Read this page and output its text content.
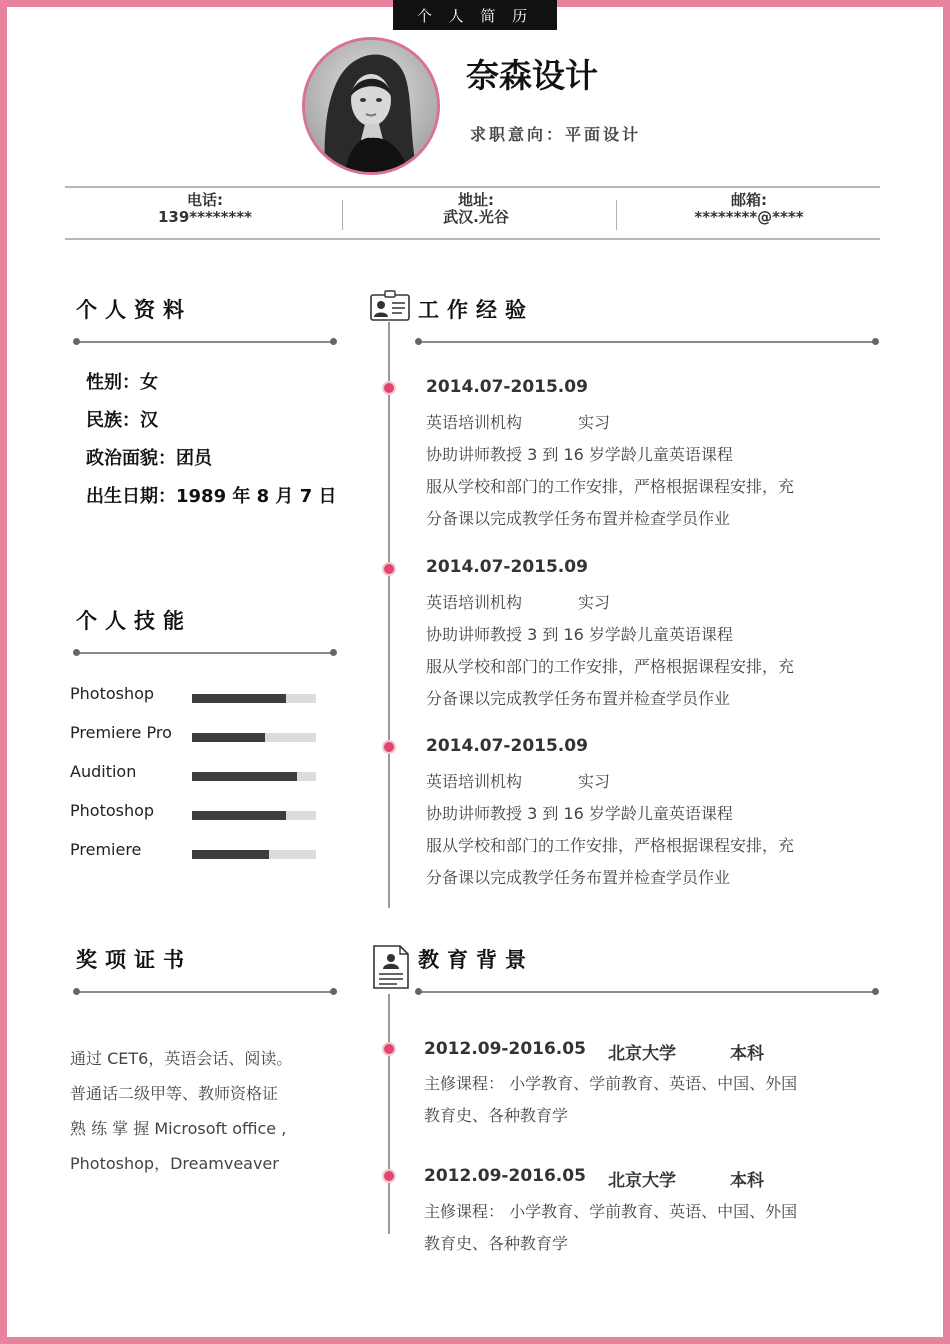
个 人 简 历
奈森设计
求职意向：平面设计
电话:
139********
地址:
武汉.光谷
邮箱:
********@****
个人资料
性别：女
民族：汉
政治面貌：团员
出生日期：1989 年 8 月 7 日
个人技能
Photoshop
Premiere Pro
Audition
Photoshop
Premiere
奖项证书
通过 CET6，英语会话、阅读。
普通话二级甲等、教师资格证
熟 练 掌 握 Microsoft office ,
Photoshop，Dreamveaver
工作经验
2014.07-2015.09
英语培训机构	实习
协助讲师教授 3 到 16 岁学龄儿童英语课程
服从学校和部门的工作安排，严格根据课程安排，充
分备课以完成教学任务布置并检查学员作业
2014.07-2015.09
英语培训机构	实习
协助讲师教授 3 到 16 岁学龄儿童英语课程
服从学校和部门的工作安排，严格根据课程安排，充
分备课以完成教学任务布置并检查学员作业
2014.07-2015.09
英语培训机构	实习
协助讲师教授 3 到 16 岁学龄儿童英语课程
服从学校和部门的工作安排，严格根据课程安排，充
分备课以完成教学任务布置并检查学员作业
教育背景
2012.09-2016.05 北京大学	本科
主修课程： 小学教育、学前教育、英语、中国、外国
教育史、各种教育学
2012.09-2016.05 北京大学	本科
主修课程： 小学教育、学前教育、英语、中国、外国
教育史、各种教育学
